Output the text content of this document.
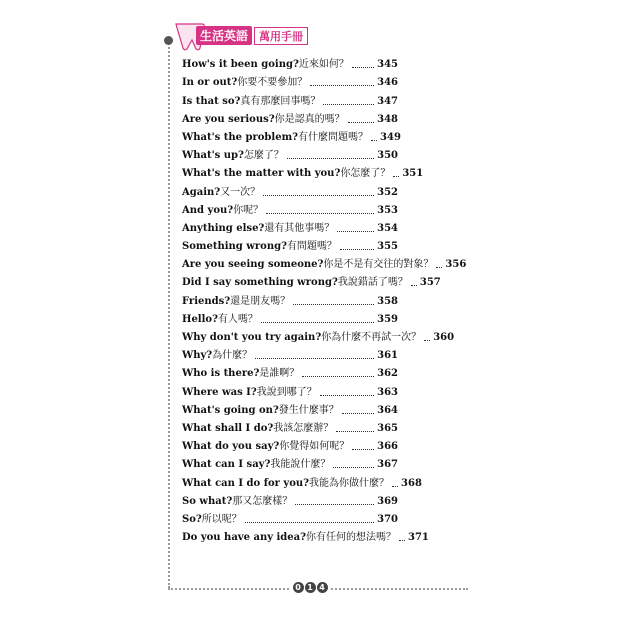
生活英語	萬用手冊
How's it been going? 近來如何？	345
In or out? 你要不要參加？	346
Is that so? 真有那麼回事嗎？	347
Are you serious? 你是認真的嗎？	348
What's the problem? 有什麼問題嗎？ 349
What's up? 怎麼了？	350
What's the matter with you? 你怎麼了？ 351
Again? 又一次？	352
And you? 你呢？	353
Anything else? 還有其他事嗎？	354
Something wrong? 有問題嗎？	355
Are you seeing someone? 你是不是有交往的對象？ 356
Did I say something wrong? 我說錯話了嗎？ 357
Friends? 還是朋友嗎？	358
Hello? 有人嗎？	359
Why don't you try again? 你為什麼不再試一次？ 360
Why? 為什麼？	361
Who is there? 是誰啊？	362
Where was I? 我說到哪了？	363
What's going on? 發生什麼事？	364
What shall I do? 我該怎麼辦？	365
What do you say? 你覺得如何呢？	366
What can I say? 我能說什麼？	367
What can I do for you? 我能為你做什麼？ 368
So what? 那又怎麼樣？	369
So? 所以呢？	370
Do you have any idea? 你有任何的想法嗎？ 371
0 1 4
